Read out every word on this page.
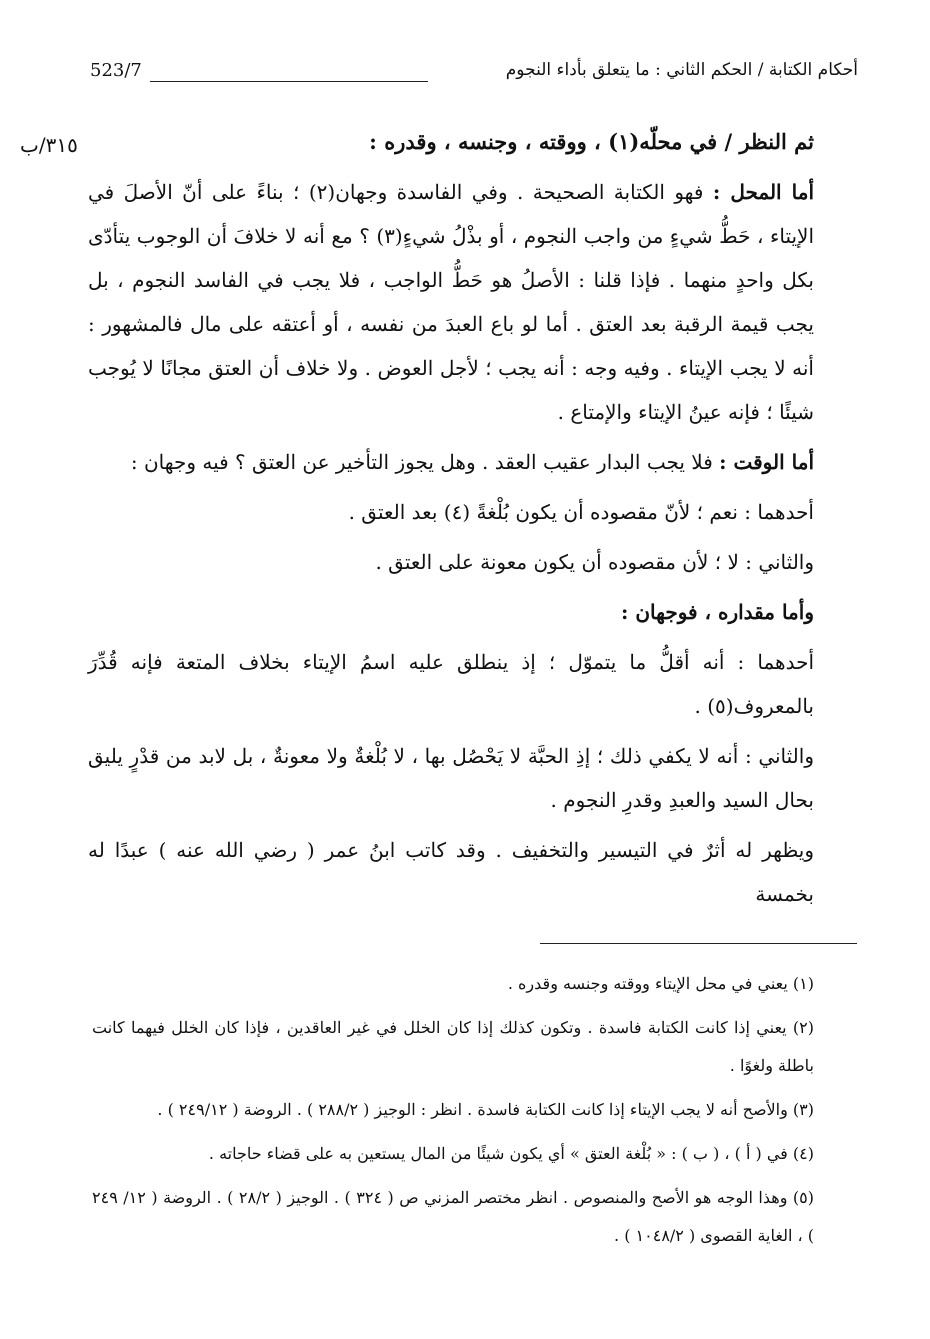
أحكام الكتابة / الحكم الثاني : ما يتعلق بأداء النجوم
523/7
٣١٥/ب	ثم النظر / في محلّه(١) ، ووقته ، وجنسه ، وقدره :

أما المحل : فهو الكتابة الصحيحة . وفي الفاسدة وجهان(٢) ؛ بناءً على أنّ الأصلَ في الإيتاء ، حَطُّ شيءٍ من واجب النجوم ، أو بذْلُ شيءٍ(٣) ؟ مع أنه لا خلافَ أن الوجوب يتأدّى بكل واحدٍ منهما . فإذا قلنا : الأصلُ هو حَطُّ الواجب ، فلا يجب في الفاسد النجوم ، بل يجب قيمة الرقبة بعد العتق . أما لو باع العبدَ من نفسه ، أو أعتقه على مال فالمشهور : أنه لا يجب الإيتاء . وفيه وجه : أنه يجب ؛ لأجل العوض . ولا خلاف أن العتق مجانًا لا يُوجب شيئًا ؛ فإنه عينُ الإيتاء والإمتاع .

أما الوقت : فلا يجب البدار عقيب العقد . وهل يجوز التأخير عن العتق ؟ فيه وجهان :

أحدهما : نعم ؛ لأنّ مقصوده أن يكون بُلْغةً (٤) بعد العتق .

والثاني : لا ؛ لأن مقصوده أن يكون معونة على العتق .

وأما مقداره ، فوجهان :

أحدهما : أنه أقلُّ ما يتموّل ؛ إذ ينطلق عليه اسمُ الإيتاء بخلاف المتعة فإنه قُدِّرَ بالمعروف(٥) .

والثاني : أنه لا يكفي ذلك ؛ إذِ الحبَّة لا يَحْصُل بها ، لا بُلْغةٌ ولا معونةٌ ، بل لابد من قدْرٍ يليق بحال السيد والعبدِ وقدرِ النجوم .

ويظهر له أثرٌ في التيسير والتخفيف . وقد كاتب ابنُ عمر ( رضي الله عنه ) عبدًا له بخمسة

(١) يعني في محل الإيتاء ووقته وجنسه وقدره .

(٢) يعني إذا كانت الكتابة فاسدة . وتكون كذلك إذا كان الخلل في غير العاقدين ، فإذا كان الخلل فيهما كانت باطلة ولغوًا .

(٣) والأصح أنه لا يجب الإيتاء إذا كانت الكتابة فاسدة . انظر : الوجيز ( ٢٨٨/٢ ) . الروضة ( ٢٤٩/١٢ ) .

(٤) في ( أ ) ، ( ب ) : « بُلْغة العتق » أي يكون شيئًا من المال يستعين به على قضاء حاجاته .

(٥) وهذا الوجه هو الأصح والمنصوص . انظر مختصر المزني ص ( ٣٢٤ ) . الوجيز ( ٢٨/٢ ) . الروضة ( ١٢/ ٢٤٩ ) ، الغاية القصوى ( ١٠٤٨/٢ ) .
